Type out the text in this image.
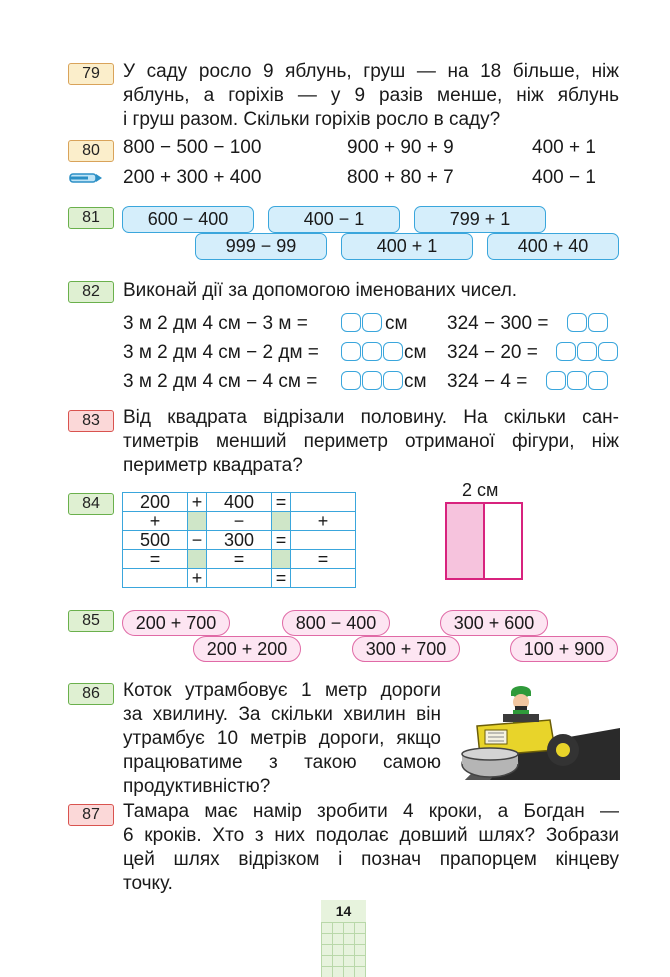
79	У саду росло 9 яблунь, груш — на 18 більше, ніж
яблунь, а горіхів — у 9 разів менше, ніж яблунь
і груш разом. Скільки горіхів росло в саду?
80	800 − 500 − 100	900 + 90 + 9	400 + 1
200 + 300 + 400	800 + 80 + 7	400 − 1
81	600 − 400	400 − 1	799 + 1
999 − 99	400 + 1	400 + 40
82	Виконай дії за допомогою іменованих чисел.
3 м 2 дм 4 см − 3 м =	см 324 − 300 =
3 м 2 дм 4 см − 2 дм =	см 324 − 20 =
3 м 2 дм 4 см − 4 см =	см 324 − 4 =
83	Від квадрата відрізали половину. На скільки сан-
тиметрів менший периметр отриманої фігури, ніж
периметр квадрата?
2 см
84	200	+	400	=	
+		−		+
500	−	300	=	
=		=		=
	+		=	
85	200 + 700	800 − 400	300 + 600
200 + 200	300 + 700	100 + 900
86	Коток утрамбовує 1 метр дороги
за хвилину. За скільки хвилин він
утрамбує 10 метрів дороги, якщо
працюватиме з такою самою
продуктивністю?
87	Тамара має намір зробити 4 кроки, а Богдан —
6 кроків. Хто з них подолає довший шлях? Зобрази
цей шлях відрізком і познач прапорцем кінцеву
точку.
14
